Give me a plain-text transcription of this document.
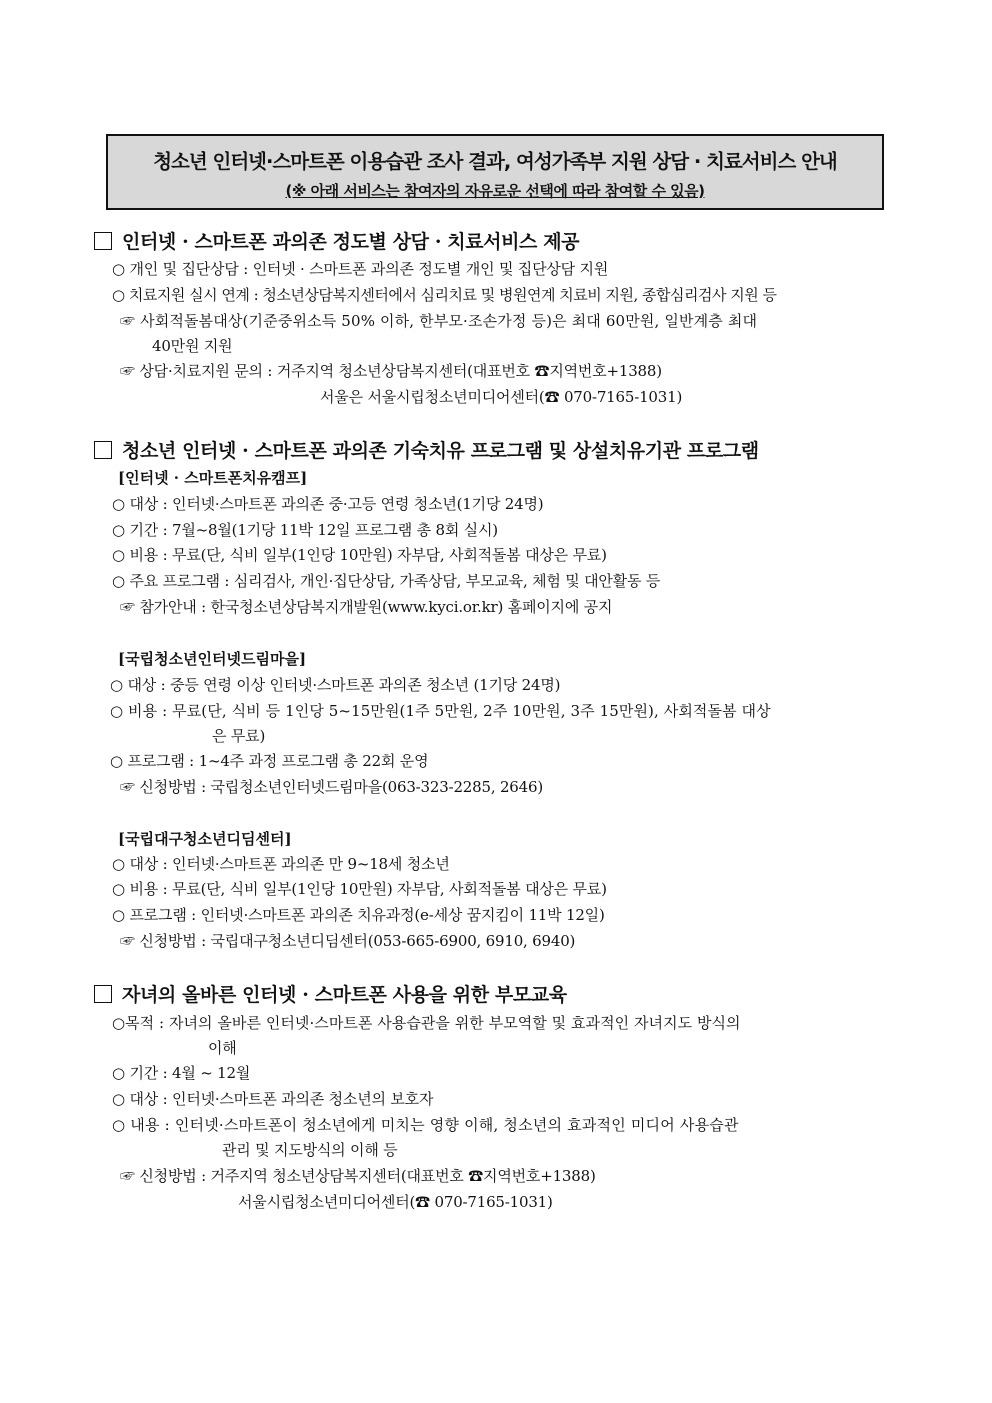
청소년 인터넷·스마트폰 이용습관 조사 결과, 여성가족부 지원 상담 · 치료서비스 안내
(※ 아래 서비스는 참여자의 자유로운 선택에 따라 참여할 수 있음)
인터넷 · 스마트폰 과의존 정도별 상담 · 치료서비스 제공
○ 개인 및 집단상담 : 인터넷 · 스마트폰 과의존 정도별 개인 및 집단상담 지원
○ 치료지원 실시 연계 : 청소년상담복지센터에서 심리치료 및 병원연계 치료비 지원, 종합심리검사 지원 등
☞ 사회적돌봄대상(기준중위소득 50% 이하, 한부모·조손가정 등)은 최대 60만원, 일반계층 최대
40만원 지원
☞ 상담·치료지원 문의 : 거주지역 청소년상담복지센터(대표번호 ☎지역번호+1388)
서울은 서울시립청소년미디어센터(☎ 070-7165-1031)
청소년 인터넷 · 스마트폰 과의존 기숙치유 프로그램 및 상설치유기관 프로그램
[인터넷 · 스마트폰치유캠프]
○ 대상 : 인터넷·스마트폰 과의존 중·고등 연령 청소년(1기당 24명)
○ 기간 : 7월~8월(1기당 11박 12일 프로그램 총 8회 실시)
○ 비용 : 무료(단, 식비 일부(1인당 10만원) 자부담, 사회적돌봄 대상은 무료)
○ 주요 프로그램 : 심리검사, 개인·집단상담, 가족상담, 부모교육, 체험 및 대안활동 등
☞ 참가안내 : 한국청소년상담복지개발원(www.kyci.or.kr) 홈페이지에 공지
[국립청소년인터넷드림마을]
○ 대상 : 중등 연령 이상 인터넷·스마트폰 과의존 청소년 (1기당 24명)
○ 비용 : 무료(단, 식비 등 1인당 5~15만원(1주 5만원, 2주 10만원, 3주 15만원), 사회적돌봄 대상
은 무료)
○ 프로그램 : 1~4주 과정 프로그램 총 22회 운영
☞ 신청방법 : 국립청소년인터넷드림마을(063-323-2285, 2646)
[국립대구청소년디딤센터]
○ 대상 : 인터넷·스마트폰 과의존 만 9~18세 청소년
○ 비용 : 무료(단, 식비 일부(1인당 10만원) 자부담, 사회적돌봄 대상은 무료)
○ 프로그램 : 인터넷·스마트폰 과의존 치유과정(e-세상 꿈지킴이 11박 12일)
☞ 신청방법 : 국립대구청소년디딤센터(053-665-6900, 6910, 6940)
자녀의 올바른 인터넷 · 스마트폰 사용을 위한 부모교육
○목적 : 자녀의 올바른 인터넷·스마트폰 사용습관을 위한 부모역할 및 효과적인 자녀지도 방식의
이해
○ 기간 : 4월 ~ 12월
○ 대상 : 인터넷·스마트폰 과의존 청소년의 보호자
○ 내용 : 인터넷·스마트폰이 청소년에게 미치는 영향 이해, 청소년의 효과적인 미디어 사용습관
관리 및 지도방식의 이해 등
☞ 신청방법 : 거주지역 청소년상담복지센터(대표번호 ☎지역번호+1388)
서울시립청소년미디어센터(☎ 070-7165-1031)
